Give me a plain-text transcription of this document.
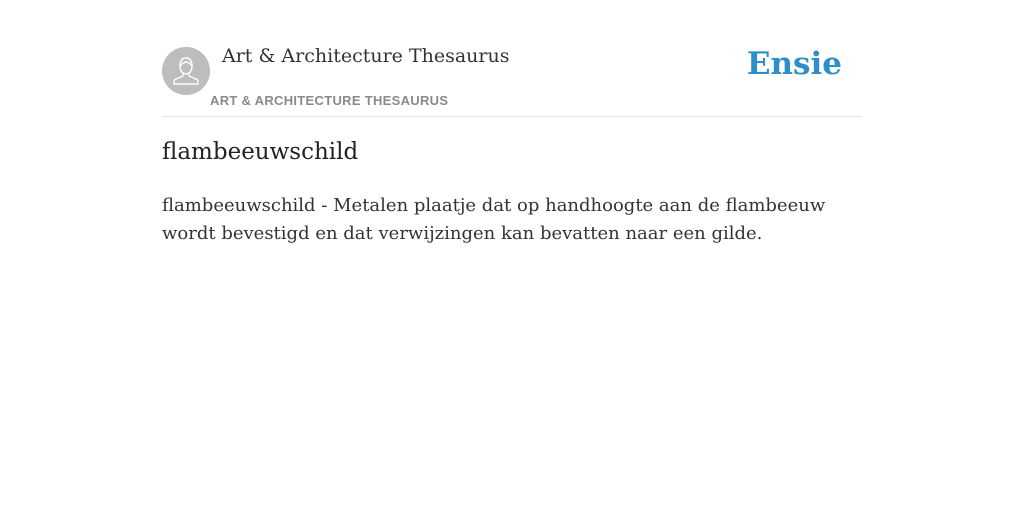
Art & Architecture Thesaurus
ART & ARCHITECTURE THESAURUS
Ensie
flambeeuwschild

flambeeuwschild - Metalen plaatje dat op handhoogte aan de flambeeuw wordt bevestigd en dat verwijzingen kan bevatten naar een gilde.
